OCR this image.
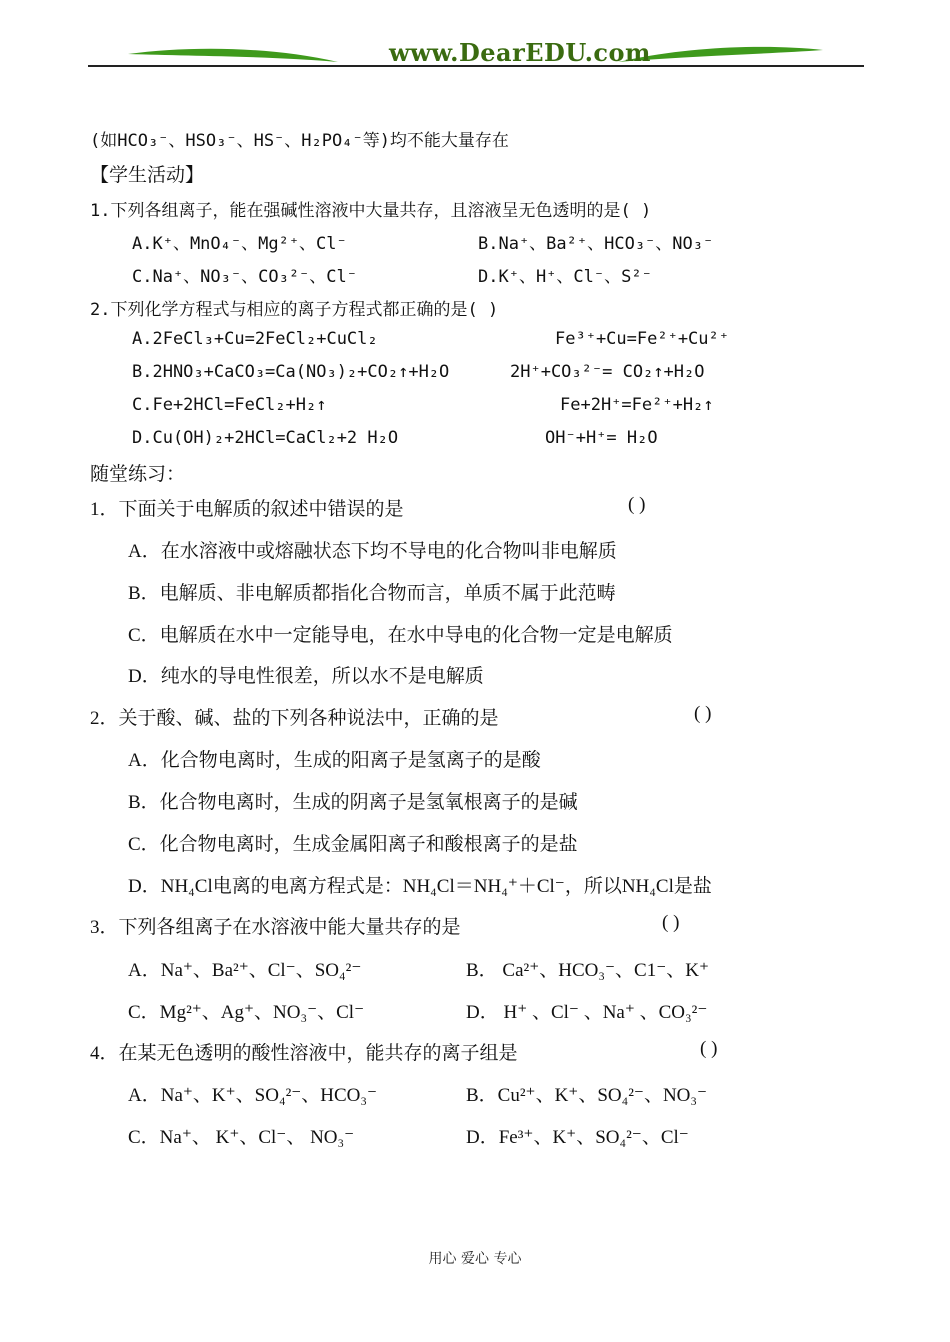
www.DearEDU.com
(如HCO₃⁻、HSO₃⁻、HS⁻、H₂PO₄⁻等)均不能大量存在
【学生活动】
1.下列各组离子，能在强碱性溶液中大量共存，且溶液呈无色透明的是( )
A.K⁺、MnO₄⁻、Mg²⁺、Cl⁻	B.Na⁺、Ba²⁺、HCO₃⁻、NO₃⁻
C.Na⁺、NO₃⁻、CO₃²⁻、Cl⁻	D.K⁺、H⁺、Cl⁻、S²⁻
2.下列化学方程式与相应的离子方程式都正确的是( )
A.2FeCl₃+Cu=2FeCl₂+CuCl₂	Fe³⁺+Cu=Fe²⁺+Cu²⁺
B.2HNO₃+CaCO₃=Ca(NO₃)₂+CO₂↑+H₂O	2H⁺+CO₃²⁻= CO₂↑+H₂O
C.Fe+2HCl=FeCl₂+H₂↑	Fe+2H⁺=Fe²⁺+H₂↑
D.Cu(OH)₂+2HCl=CaCl₂+2 H₂O	OH⁻+H⁺= H₂O
随堂练习：
1．下面关于电解质的叙述中错误的是	( )
A．在水溶液中或熔融状态下均不导电的化合物叫非电解质
B．电解质、非电解质都指化合物而言，单质不属于此范畴
C．电解质在水中一定能导电，在水中导电的化合物一定是电解质
D．纯水的导电性很差，所以水不是电解质
2．关于酸、碱、盐的下列各种说法中，正确的是	( )
A．化合物电离时，生成的阳离子是氢离子的是酸
B．化合物电离时，生成的阴离子是氢氧根离子的是碱
C．化合物电离时，生成金属阳离子和酸根离子的是盐
D．NH₄Cl电离的电离方程式是：NH₄Cl＝NH₄⁺＋Cl⁻，所以NH₄Cl是盐
3．下列各组离子在水溶液中能大量共存的是	( )
A．Na⁺、Ba²⁺、Cl⁻、SO₄²⁻	B． Ca²⁺、HCO₃⁻、C1⁻、K⁺
C．Mg²⁺、Ag⁺、NO₃⁻、Cl⁻	D． H⁺ 、Cl⁻ 、Na⁺ 、CO₃²⁻
4．在某无色透明的酸性溶液中，能共存的离子组是	( )
A．Na⁺、K⁺、SO₄²⁻、HCO₃⁻	B．Cu²⁺、K⁺、SO₄²⁻、NO₃⁻
C．Na⁺、 K⁺、Cl⁻、 NO₃⁻	D．Fe³⁺、K⁺、SO₄²⁻、Cl⁻
用心 爱心 专心
